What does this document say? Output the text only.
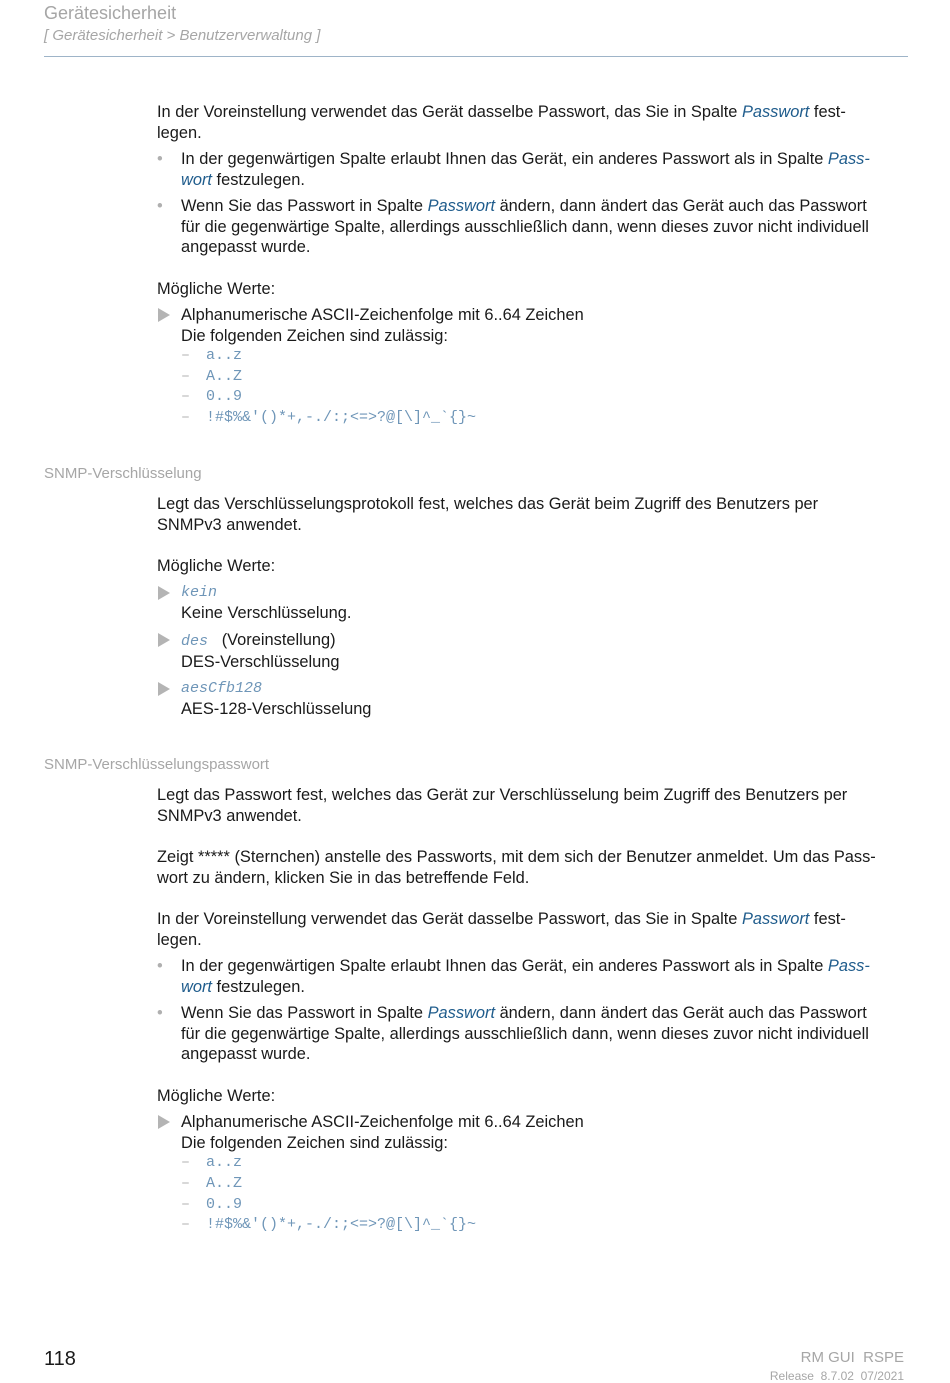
Gerätesicherheit
[ Gerätesicherheit > Benutzerverwaltung ]

In der Voreinstellung verwendet das Gerät dasselbe Passwort, das Sie in Spalte Passwort fest-
legen.

• In der gegenwärtigen Spalte erlaubt Ihnen das Gerät, ein anderes Passwort als in Spalte Pass-
wort festzulegen.
• Wenn Sie das Passwort in Spalte Passwort ändern, dann ändert das Gerät auch das Passwort
für die gegenwärtige Spalte, allerdings ausschließlich dann, wenn dieses zuvor nicht individuell
angepasst wurde.

Mögliche Werte:

Alphanumerische ASCII-Zeichenfolge mit 6..64 Zeichen
Die folgenden Zeichen sind zulässig:
– a..z
– A..Z
– 0..9
– !#$%&'()*+,-./:;<=>?@[\]^_`{}~
SNMP-Verschlüsselung

Legt das Verschlüsselungsprotokoll fest, welches das Gerät beim Zugriff des Benutzers per
SNMPv3 anwendet.

Mögliche Werte:

kein
Keine Verschlüsselung.
des (Voreinstellung)
DES-Verschlüsselung
aesCfb128
AES-128-Verschlüsselung
SNMP-Verschlüsselungspasswort

Legt das Passwort fest, welches das Gerät zur Verschlüsselung beim Zugriff des Benutzers per
SNMPv3 anwendet.

Zeigt ***** (Sternchen) anstelle des Passworts, mit dem sich der Benutzer anmeldet. Um das Pass-
wort zu ändern, klicken Sie in das betreffende Feld.

In der Voreinstellung verwendet das Gerät dasselbe Passwort, das Sie in Spalte Passwort fest-
legen.

• In der gegenwärtigen Spalte erlaubt Ihnen das Gerät, ein anderes Passwort als in Spalte Pass-
wort festzulegen.
• Wenn Sie das Passwort in Spalte Passwort ändern, dann ändert das Gerät auch das Passwort
für die gegenwärtige Spalte, allerdings ausschließlich dann, wenn dieses zuvor nicht individuell
angepasst wurde.

Mögliche Werte:

Alphanumerische ASCII-Zeichenfolge mit 6..64 Zeichen
Die folgenden Zeichen sind zulässig:
– a..z
– A..Z
– 0..9
– !#$%&'()*+,-./:;<=>?@[\]^_`{}~
118	RM GUI  RSPE
Release  8.7.02  07/2021
